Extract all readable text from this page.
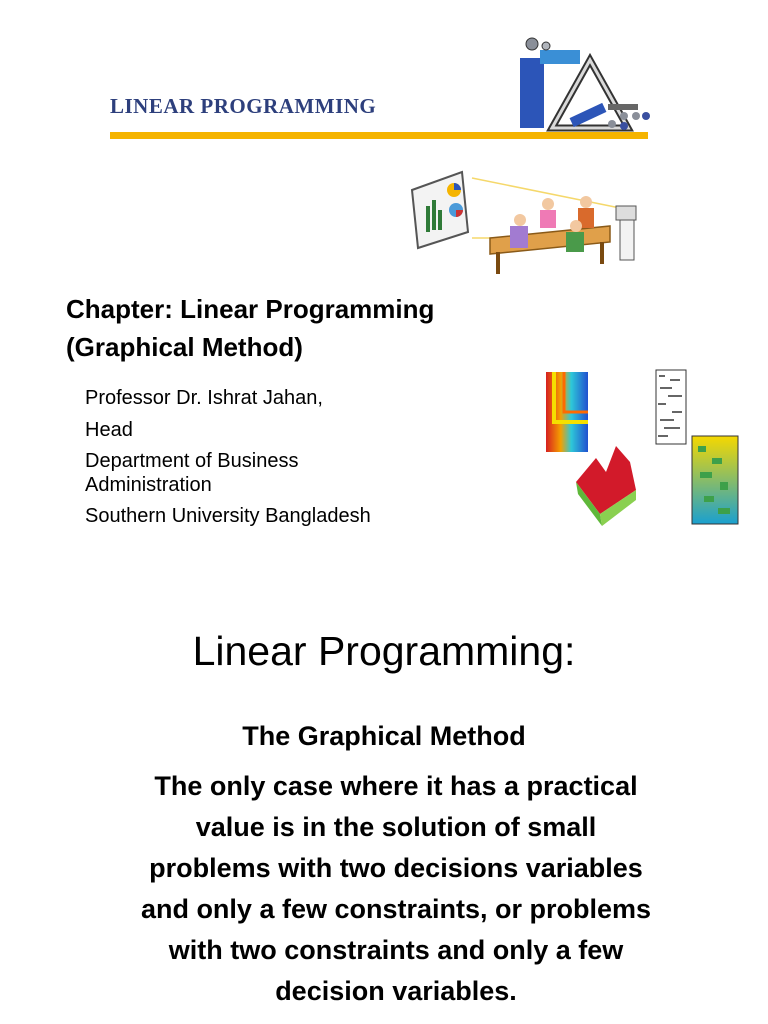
LINEAR PROGRAMMING
Chapter: Linear Programming
(Graphical Method)
Professor Dr. Ishrat Jahan,
Head
Department of Business
Administration
Southern University Bangladesh
Linear Programming:
The Graphical Method
The only case where it has a practical
value is in the solution of small
problems with two decisions variables
and only a few constraints, or problems
with two constraints and only a few
decision variables.
